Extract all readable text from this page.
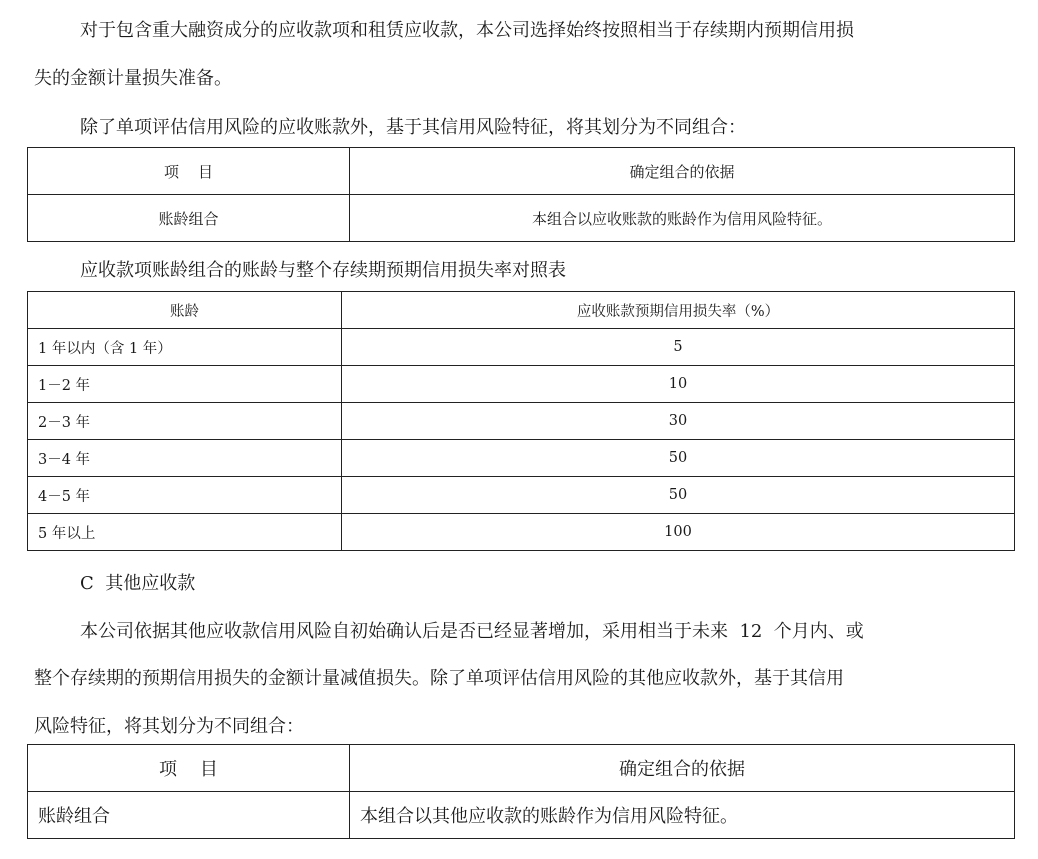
对于包含重大融资成分的应收款项和租赁应收款，本公司选择始终按照相当于存续期内预期信用损

失的金额计量损失准备。

除了单项评估信用风险的应收账款外，基于其信用风险特征，将其划分为不同组合：

项    目	确定组合的依据
账龄组合	本组合以应收账款的账龄作为信用风险特征。

应收款项账龄组合的账龄与整个存续期预期信用损失率对照表

账龄	应收账款预期信用损失率（%）
1 年以内（含 1 年）	5
1－2 年	10
2－3 年	30
3－4 年	50
4－5 年	50
5 年以上	100

C  其他应收款

本公司依据其他应收款信用风险自初始确认后是否已经显著增加，采用相当于未来  12  个月内、或

整个存续期的预期信用损失的金额计量减值损失。除了单项评估信用风险的其他应收款外，基于其信用

风险特征，将其划分为不同组合：

项    目	确定组合的依据
账龄组合	本组合以其他应收款的账龄作为信用风险特征。
